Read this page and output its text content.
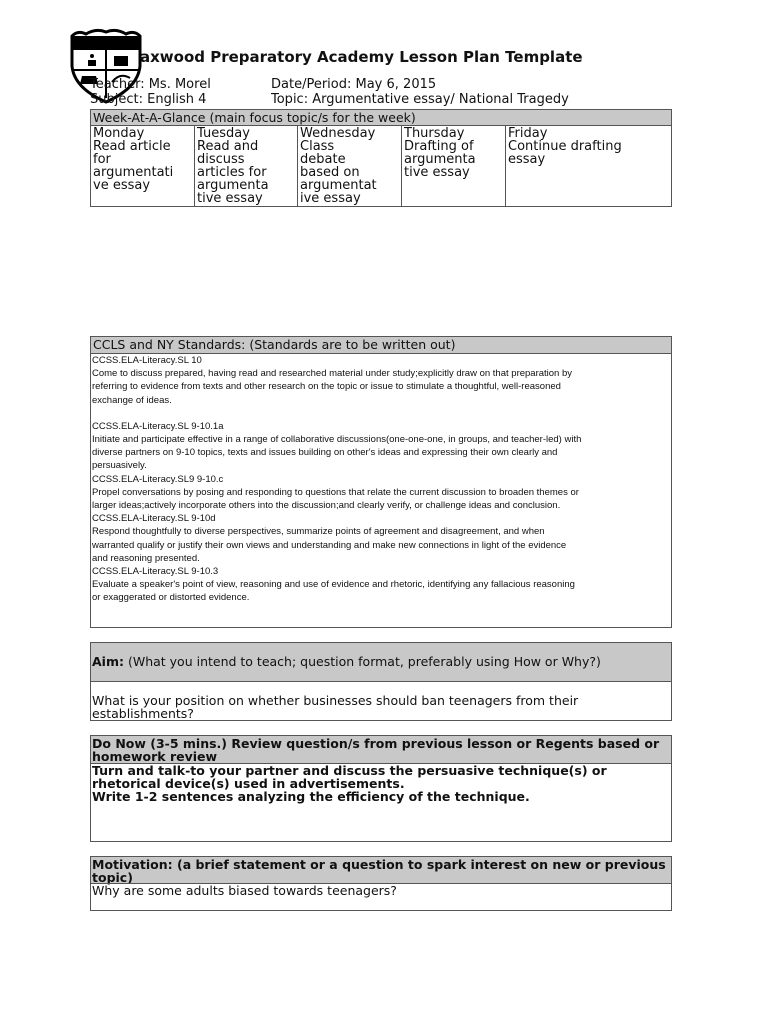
axwood Preparatory Academy Lesson Plan Template
Teacher: Ms. Morel	Date/Period: May 6, 2015
Subject: English 4	Topic: Argumentative essay/ National Tragedy
Week-At-A-Glance (main focus topic/s for the week)
Monday
Read article
for
argumentati
ve essay
Tuesday
Read and
discuss
articles for
argumenta
tive essay
Wednesday
Class
debate
based on
argumentat
ive essay
Thursday
Drafting of
argumenta
tive essay
Friday
Continue drafting
essay
CCLS and NY Standards: (Standards are to be written out)

CCSS.ELA-Literacy.SL 10

Come to discuss prepared, having read and researched material under study;explicitly draw on that preparation by

referring to evidence from texts and other research on the topic or issue to stimulate a thoughtful, well-reasoned

exchange of ideas.

CCSS.ELA-Literacy.SL 9-10.1a

Initiate and participate effective in a range of collaborative discussions(one-one-one, in groups, and teacher-led) with

diverse partners on 9-10 topics, texts and issues building on other's ideas and expressing their own clearly and

persuasively.

CCSS.ELA-Literacy.SL9 9-10.c

Propel conversations by posing and responding to questions that relate the current discussion to broaden themes or

larger ideas;actively incorporate others into the discussion;and clearly verify, or challenge ideas and conclusion.

CCSS.ELA-Literacy.SL 9-10d

Respond thoughtfully to diverse perspectives, summarize points of agreement and disagreement, and when

warranted qualify or justify their own views and understanding and make new connections in light of the evidence

and reasoning presented.

CCSS.ELA-Literacy.SL 9-10.3

Evaluate a speaker's point of view, reasoning and use of evidence and rhetoric, identifying any fallacious reasoning

or exaggerated or distorted evidence.

Aim: (What you intend to teach; question format, preferably using How or Why?)
What is your position on whether businesses should ban teenagers from their establishments?
Do Now (3-5 mins.) Review question/s from previous lesson or Regents based or homework review
Turn and talk-to your partner and discuss the persuasive technique(s) or rhetorical device(s) used in advertisements.
Write 1-2 sentences analyzing the efficiency of the technique.
Motivation: (a brief statement or a question to spark interest on new or previous topic)
Why are some adults biased towards teenagers?
